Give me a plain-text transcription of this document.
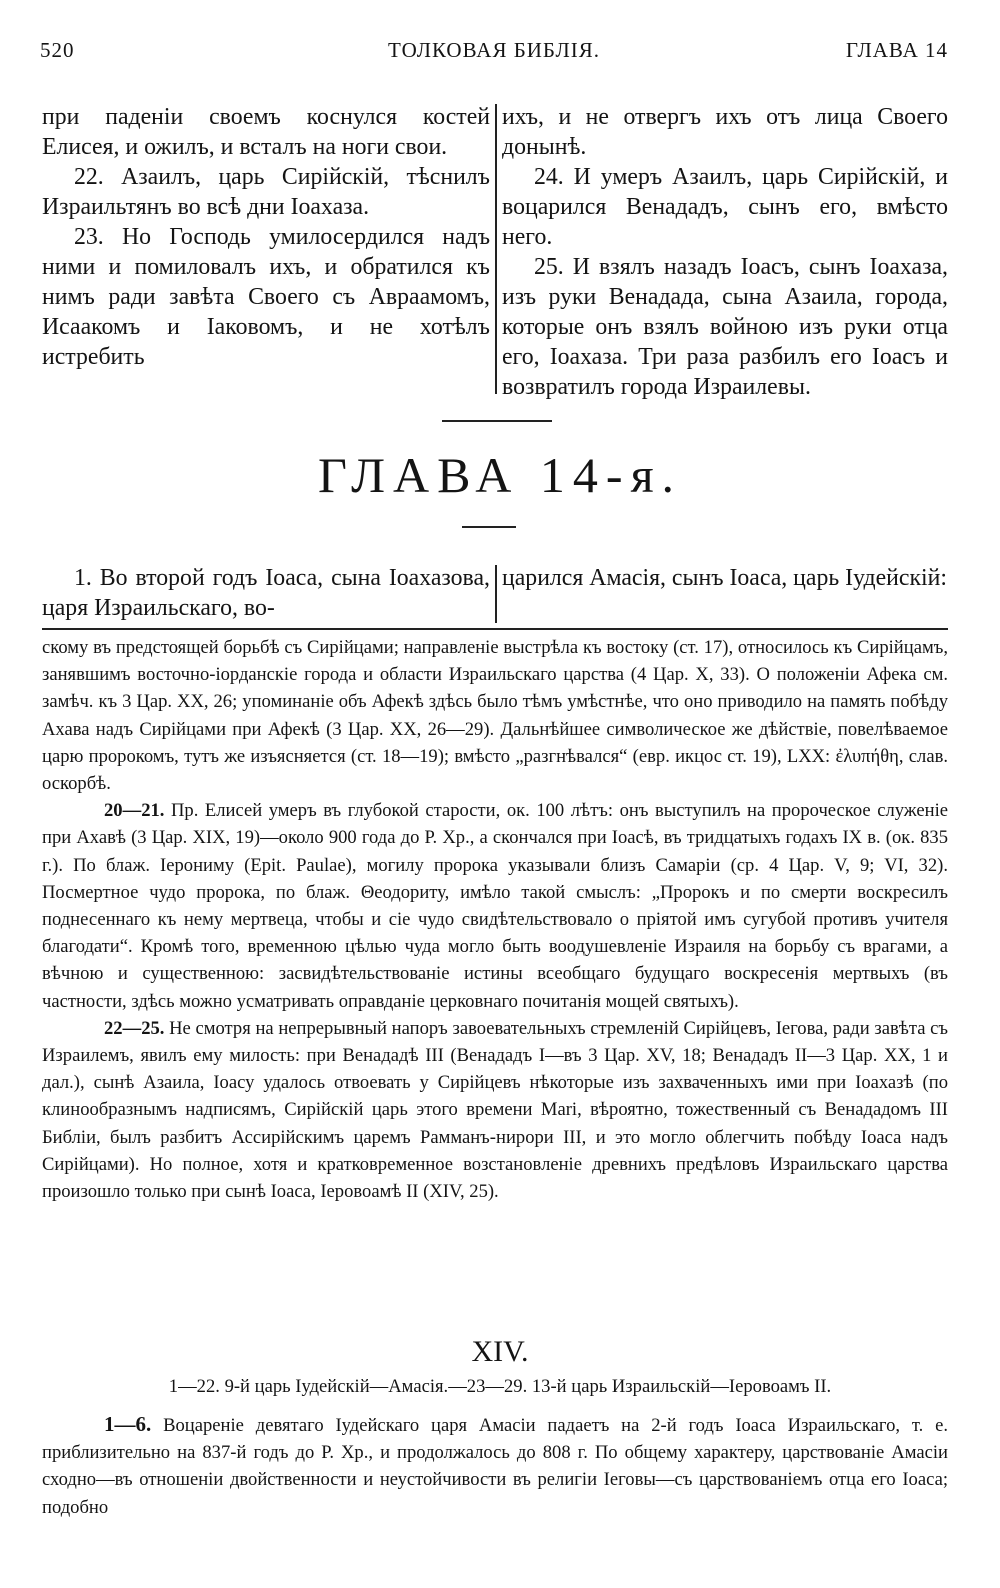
520	ТОЛКОВАЯ БИБЛІЯ.	ГЛАВА 14

при паденіи своемъ коснулся костей Елисея, и ожилъ, и всталъ на ноги свои.

22. Азаилъ, царь Сирійскій, тѣснилъ Израильтянъ во всѣ дни Іоахаза.

23. Но Господь умилосердился надъ ними и помиловалъ ихъ, и обратился къ нимъ ради завѣта Своего съ Авраамомъ, Исаакомъ и Іаковомъ, и не хотѣлъ истребить

ихъ, и не отвергъ ихъ отъ лица Своего донынѣ.

24. И умеръ Азаилъ, царь Сирійскій, и воцарился Венададъ, сынъ его, вмѣсто него.

25. И взялъ назадъ Іоасъ, сынъ Іоахаза, изъ руки Венадада, сына Азаила, города, которые онъ взялъ войною изъ руки отца его, Іоахаза. Три раза разбилъ его Іоасъ и возвратилъ города Израилевы.

ГЛАВА 14-я.

1. Во второй годъ Іоаса, сына Іоахазова, царя Израильскаго, во-

царился Амасія, сынъ Іоаса, царь Іудейскій:

скому въ предстоящей борьбѣ съ Сирійцами; направленіе выстрѣла къ востоку (ст. 17), относилось къ Сирійцамъ, занявшимъ восточно-іорданскіе города и области Израильскаго царства (4 Цар. X, 33). О положеніи Афека см. замѣч. къ 3 Цар. XX, 26; упоминаніе объ Афекѣ здѣсь было тѣмъ умѣстнѣе, что оно приводило на память побѣду Ахава надъ Сирійцами при Афекѣ (3 Цар. XX, 26—29). Дальнѣйшее символическое же дѣйствіе, повелѣваемое царю пророкомъ, тутъ же изъясняется (ст. 18—19); вмѣсто „разгнѣвался“ (евр. икцос ст. 19), LXX: ἐλυπήθη, слав. оскорбѣ.

20—21. Пр. Елисей умеръ въ глубокой старости, ок. 100 лѣтъ: онъ выступилъ на пророческое служеніе при Ахавѣ (3 Цар. XIX, 19)—около 900 года до Р. Хр., а скончался при Іоасѣ, въ тридцатыхъ годахъ IX в. (ок. 835 г.). По блаж. Іерониму (Epit. Paulae), могилу пророка указывали близъ Самаріи (ср. 4 Цар. V, 9; VI, 32). Посмертное чудо пророка, по блаж. Θеодориту, имѣло такой смыслъ: „Пророкъ и по смерти воскресилъ поднесеннаго къ нему мертвеца, чтобы и сіе чудо свидѣтельствовало о пріятой имъ сугубой противъ учителя благодати“. Кромѣ того, временною цѣлью чуда могло быть воодушевленіе Израиля на борьбу съ врагами, а вѣчною и существенною: засвидѣтельствованіе истины всеобщаго будущаго воскресенія мертвыхъ (въ частности, здѣсь можно усматривать оправданіе церковнаго почитанія мощей святыхъ).

22—25. Не смотря на непрерывный напоръ завоевательныхъ стремленій Сирійцевъ, Іегова, ради завѣта съ Израилемъ, явилъ ему милость: при Венададѣ III (Венададъ I—въ 3 Цар. XV, 18; Венададъ II—3 Цар. XX, 1 и дал.), сынѣ Азаила, Іоасу удалось отвоевать у Сирійцевъ нѣкоторые изъ захваченныхъ ими при Іоахазѣ (по клинообразнымъ надписямъ, Сирійскій царь этого времени Mari, вѣроятно, тожественный съ Венададомъ III Библіи, былъ разбитъ Ассирійскимъ царемъ Рамманъ-нирори III, и это могло облегчить побѣду Іоаса надъ Сирійцами). Но полное, хотя и кратковременное возстановленіе древнихъ предѣловъ Израильскаго царства произошло только при сынѣ Іоаса, Іеровоамѣ II (XIV, 25).

XIV.
1—22. 9-й царь Іудейскій—Амасія.—23—29. 13-й царь Израильскій—Іеровоамъ II.

1—6. Воцареніе девятаго Іудейскаго царя Амасіи падаетъ на 2-й годъ Іоаса Израильскаго, т. е. приблизительно на 837-й годъ до Р. Хр., и продолжалось до 808 г. По общему характеру, царствованіе Амасіи сходно—въ отношеніи двойственности и неустойчивости въ религіи Іеговы—съ царствованіемъ отца его Іоаса; подобно
